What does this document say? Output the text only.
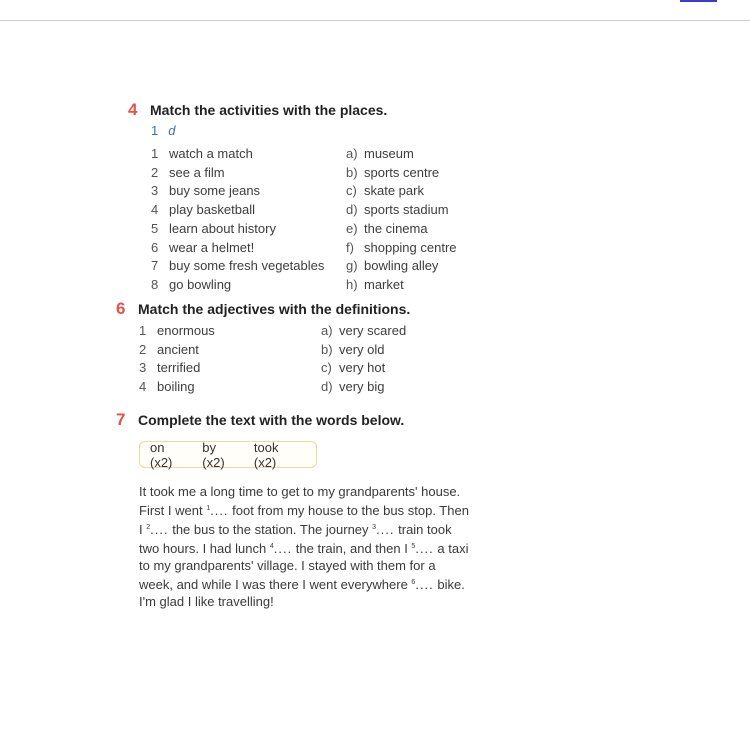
4 Match the activities with the places.
1 d
1 watch a match
2 see a film
3 buy some jeans
4 play basketball
5 learn about history
6 wear a helmet!
7 buy some fresh vegetables
8 go bowling
a) museum
b) sports centre
c) skate park
d) sports stadium
e) the cinema
f) shopping centre
g) bowling alley
h) market
6 Match the adjectives with the definitions.
1 enormous
2 ancient
3 terrified
4 boiling
a) very scared
b) very old
c) very hot
d) very big
7 Complete the text with the words below.
on (x2)
by (x2)
took (x2)
It took me a long time to get to my grandparents' house. First I went $^1$.... foot from my house to the bus stop. Then I $^2$.... the bus to the station. The journey $^3$.... train took two hours. I had lunch $^4$.... the train, and then I $^5$.... a taxi to my grandparents' village. I stayed with them for a week, and while I was there I went everywhere $^6$.... bike. I'm glad I like travelling!
